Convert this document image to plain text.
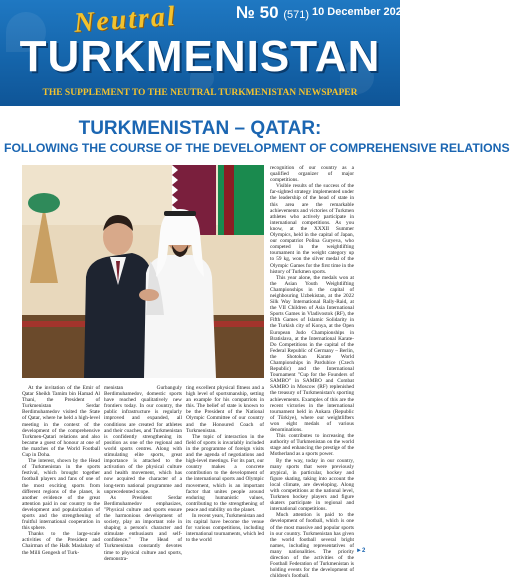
Neutral	№ 50 (571) 10 December 2022
TURKMENISTAN
THE SUPPLEMENT TO THE NEUTRAL TURKMENISTAN NEWSPAPER
TURKMENISTAN – QATAR:
FOLLOWING THE COURSE OF THE DEVELOPMENT OF COMPREHENSIVE RELATIONS

At the invitation of the Emir of Qatar Sheikh Tamim bin Hamad Al Thani, the President of Turkmenistan Serdar Berdimuhamedov visited the State of Qatar, where he held a high-level meeting in the context of the development of the comprehensive Turkmen-Qatari relations and also became a guest of honour at one of the matches of the World Football Cup in Doha.

The interest, shown by the Head of Turkmenistan in the sports festival, which brought together football players and fans of one of the most exciting sports from different regions of the planet, is another evidence of the great attention paid in our country to the development and popularization of sports and the strengthening of fruitful international cooperation in this sphere.

Thanks to the large-scale activities of the President and Chairman of the Halk Maslahaty of the Milli Gengesh of Turk-

menistan Gurbanguly Berdimuhamedov, domestic sports have reached qualitatively new frontiers today. In our country, the public infrastructure is regularly improved and expanded, all conditions are created for athletes and their coaches, and Turkmenistan is confidently strengthening its position as one of the regional and world sports centres. Along with stimulating elite sports, great importance is attached to the activation of the physical culture and health movement, which has now acquired the character of a long-term national programme and unprecedented scope.

As President Serdar Berdimuhamedov emphasizes, "Physical culture and sports ensure the harmonious development of society, play an important role in shaping a person's character and stimulate enthusiasm and self-confidence." The Head of Turkmenistan constantly devotes time to physical culture and sports, demonstra-

ting excellent physical fitness and a high level of sportsmanship, setting an example for his compatriots in this. The belief of state is known to be the President of the National Olympic Committee of our country and the Honoured Coach of Turkmenistan.

The topic of interaction in the field of sports is invariably included in the programme of foreign visits and the agenda of negotiations and high-level meetings. For its part, our country makes a concrete contribution to the development of the international sports and Olympic movement, which is an important factor that unites people around enduring humanistic values, contributing to the strengthening of peace and stability on the planet.

In recent years, Turkmenistan and its capital have become the venue for various competitions, including international tournaments, which led to the world

recognition of our country as a qualified organizer of major competitions.

Visible results of the success of the far-sighted strategy implemented under the leadership of the head of state in this area are the remarkable achievements and victories of Turkmen athletes who actively participate in international competitions. As you know, at the XXXII Summer Olympics, held in the capital of Japan, our compatriot Polina Guryeva, who competed in the weightlifting tournament in the weight category up to 59 kg, won the silver medal of the Olympic Games for the first time in the history of Turkmen sports.

This year alone, the medals won at the Asian Youth Weightlifting Championships in the capital of neighbouring Uzbekistan, at the 2022 Silk Way International Rally-Raid, at the VII Children of Asia International Sports Games in Vladivostok (RF), the Fifth Games of Islamic Solidarity in the Turkish city of Konya, at the Open European Judo Championships in Bratislava, at the International Karate-Do Competitions in the capital of the Federal Republic of Germany – Berlin, the Shotokan Karate World Championships in Pardubice (Czech Republic) and the International Tournament "Cup for the Founders of SAMBO" in SAMBO and Combat SAMBO in Moscow (RF) replenished the treasury of Turkmenistan's sporting achievements. Examples of this are the recent victories in the international tournament held in Ankara (Republic of Türkiye), where our weightlifters won eight medals of various denominations.

This contributes to increasing the authority of Turkmenistan on the world stage and enhancing the prestige of the Motherland as a sports power.

By the way, today in our country, many sports that were previously atypical, in particular, hockey and figure skating, taking into account the local climate, are developing. Along with competitions at the national level, Turkmen hockey players and figure skaters participate in regional and international competitions.

Much attention is paid to the development of football, which is one of the most massive and popular sports in our country. Turkmenistan has given the world football several bright names, including representatives of many nationalities. The priority direction of the activities of the Football Federation of Turkmenistan is holding events for the development of children's football.

►2
